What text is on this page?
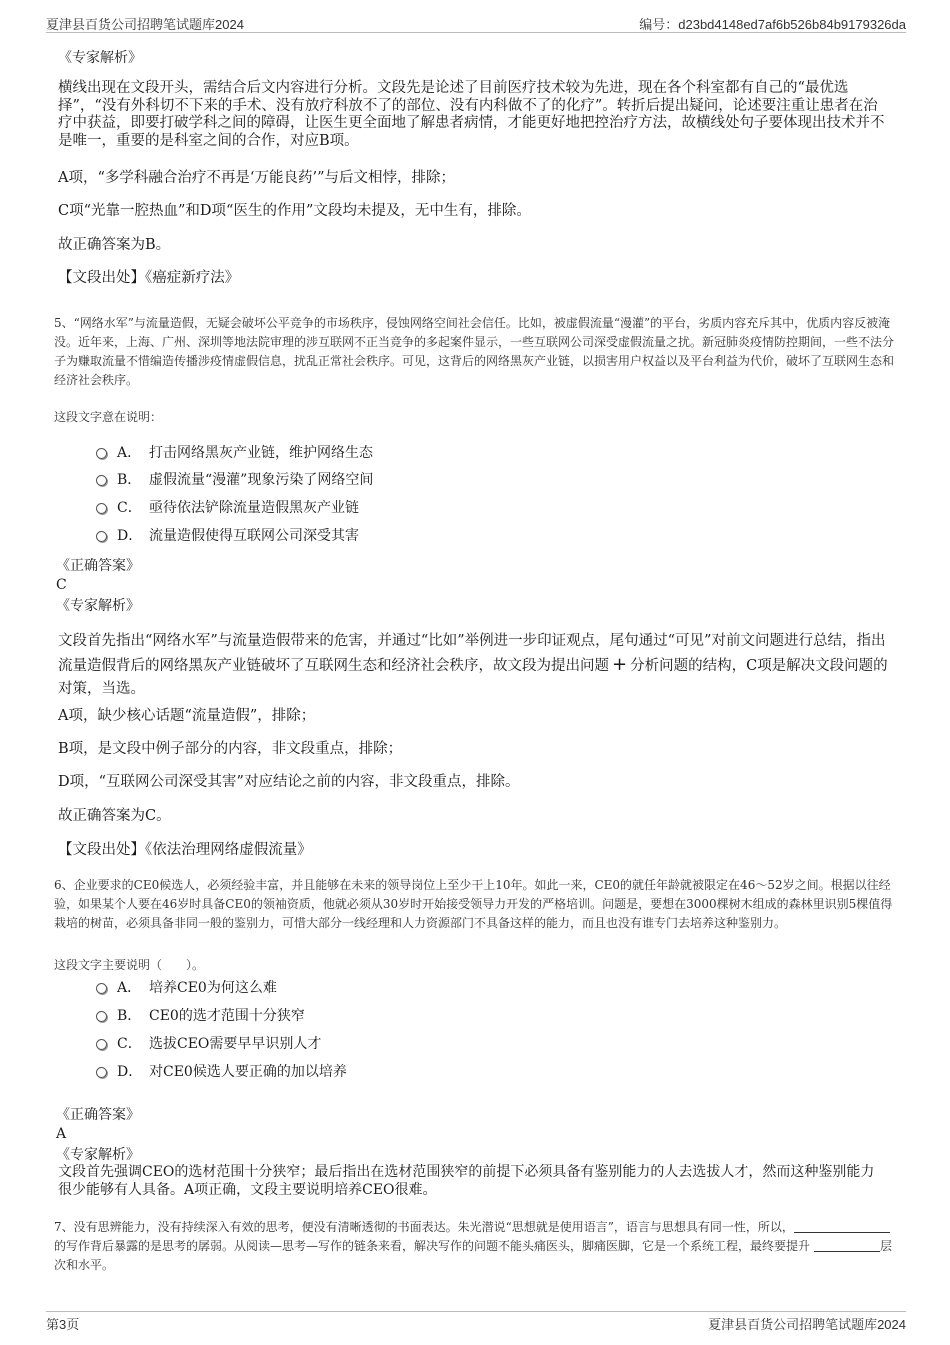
夏津县百货公司招聘笔试题库2024	编号：d23bd4148ed7af6b526b84b9179326da
《专家解析》
横线出现在文段开头，需结合后文内容进行分析。文段先是论述了目前医疗技术较为先进，现在各个科室都有自己的“最优选择”，“没有外科切不下来的手术、没有放疗科放不了的部位、没有内科做不了的化疗”。转折后提出疑问，论述要注重让患者在治疗中获益，即要打破学科之间的障碍，让医生更全面地了解患者病情，才能更好地把控治疗方法，故横线处句子要体现出技术并不是唯一，重要的是科室之间的合作，对应B项。
A项，“多学科融合治疗不再是‘万能良药’”与后文相悖，排除；
C项“光靠一腔热血”和D项“医生的作用”文段均未提及，无中生有，排除。
故正确答案为B。
【文段出处】《癌症新疗法》
5、“网络水军”与流量造假，无疑会破坏公平竞争的市场秩序，侵蚀网络空间社会信任。比如，被虚假流量“漫灌”的平台，劣质内容充斥其中，优质内容反被淹没。近年来，上海、广州、深圳等地法院审理的涉互联网不正当竞争的多起案件显示，一些互联网公司深受虚假流量之扰。新冠肺炎疫情防控期间，一些不法分子为赚取流量不惜编造传播涉疫情虚假信息，扰乱正常社会秩序。可见，这背后的网络黑灰产业链，以损害用户权益以及平台利益为代价，破坏了互联网生态和经济社会秩序。
这段文字意在说明：
A． 打击网络黑灰产业链，维护网络生态
B． 虚假流量“漫灌”现象污染了网络空间
C． 亟待依法铲除流量造假黑灰产业链
D． 流量造假使得互联网公司深受其害
《正确答案》
C
《专家解析》
文段首先指出“网络水军”与流量造假带来的危害，并通过“比如”举例进一步印证观点，尾句通过“可见”对前文问题进行总结，指出流量造假背后的网络黑灰产业链破坏了互联网生态和经济社会秩序，故文段为提出问题 + 分析问题的结构，C项是解决文段问题的对策，当选。
A项，缺少核心话题“流量造假”，排除；
B项，是文段中例子部分的内容，非文段重点，排除；
D项，“互联网公司深受其害”对应结论之前的内容，非文段重点，排除。
故正确答案为C。
【文段出处】《依法治理网络虚假流量》
6、企业要求的CE0候选人，必须经验丰富，并且能够在未来的领导岗位上至少干上10年。如此一来，CE0的就任年龄就被限定在46～52岁之间。根据以往经验，如果某个人要在46岁时具备CE0的领袖资质，他就必须从30岁时开始接受领导力开发的严格培训。问题是，要想在3000棵树木组成的森林里识别5棵值得栽培的树苗，必须具备非同一般的鉴别力，可惜大部分一线经理和人力资源部门不具备这样的能力，而且也没有谁专门去培养这种鉴别力。
这段文字主要说明（　　）。
A． 培养CE0为何这么难
B． CE0的选才范围十分狭窄
C． 选拔CEO需要早早识别人才
D． 对CE0候选人要正确的加以培养
《正确答案》
A
《专家解析》
文段首先强调CEO的选材范围十分狭窄；最后指出在选材范围狭窄的前提下必须具备有鉴别能力的人去选拔人才，然而这种鉴别能力很少能够有人具备。A项正确，文段主要说明培养CEO很难。
7、没有思辨能力，没有持续深入有效的思考，便没有清晰透彻的书面表达。朱光潜说“思想就是使用语言”，语言与思想具有同一性，所以，的写作背后暴露的是思考的孱弱。从阅读—思考—写作的链条来看，解决写作的问题不能头痛医头，脚痛医脚，它是一个系统工程，最终要提升	层次和水平。
第3页	夏津县百货公司招聘笔试题库2024
